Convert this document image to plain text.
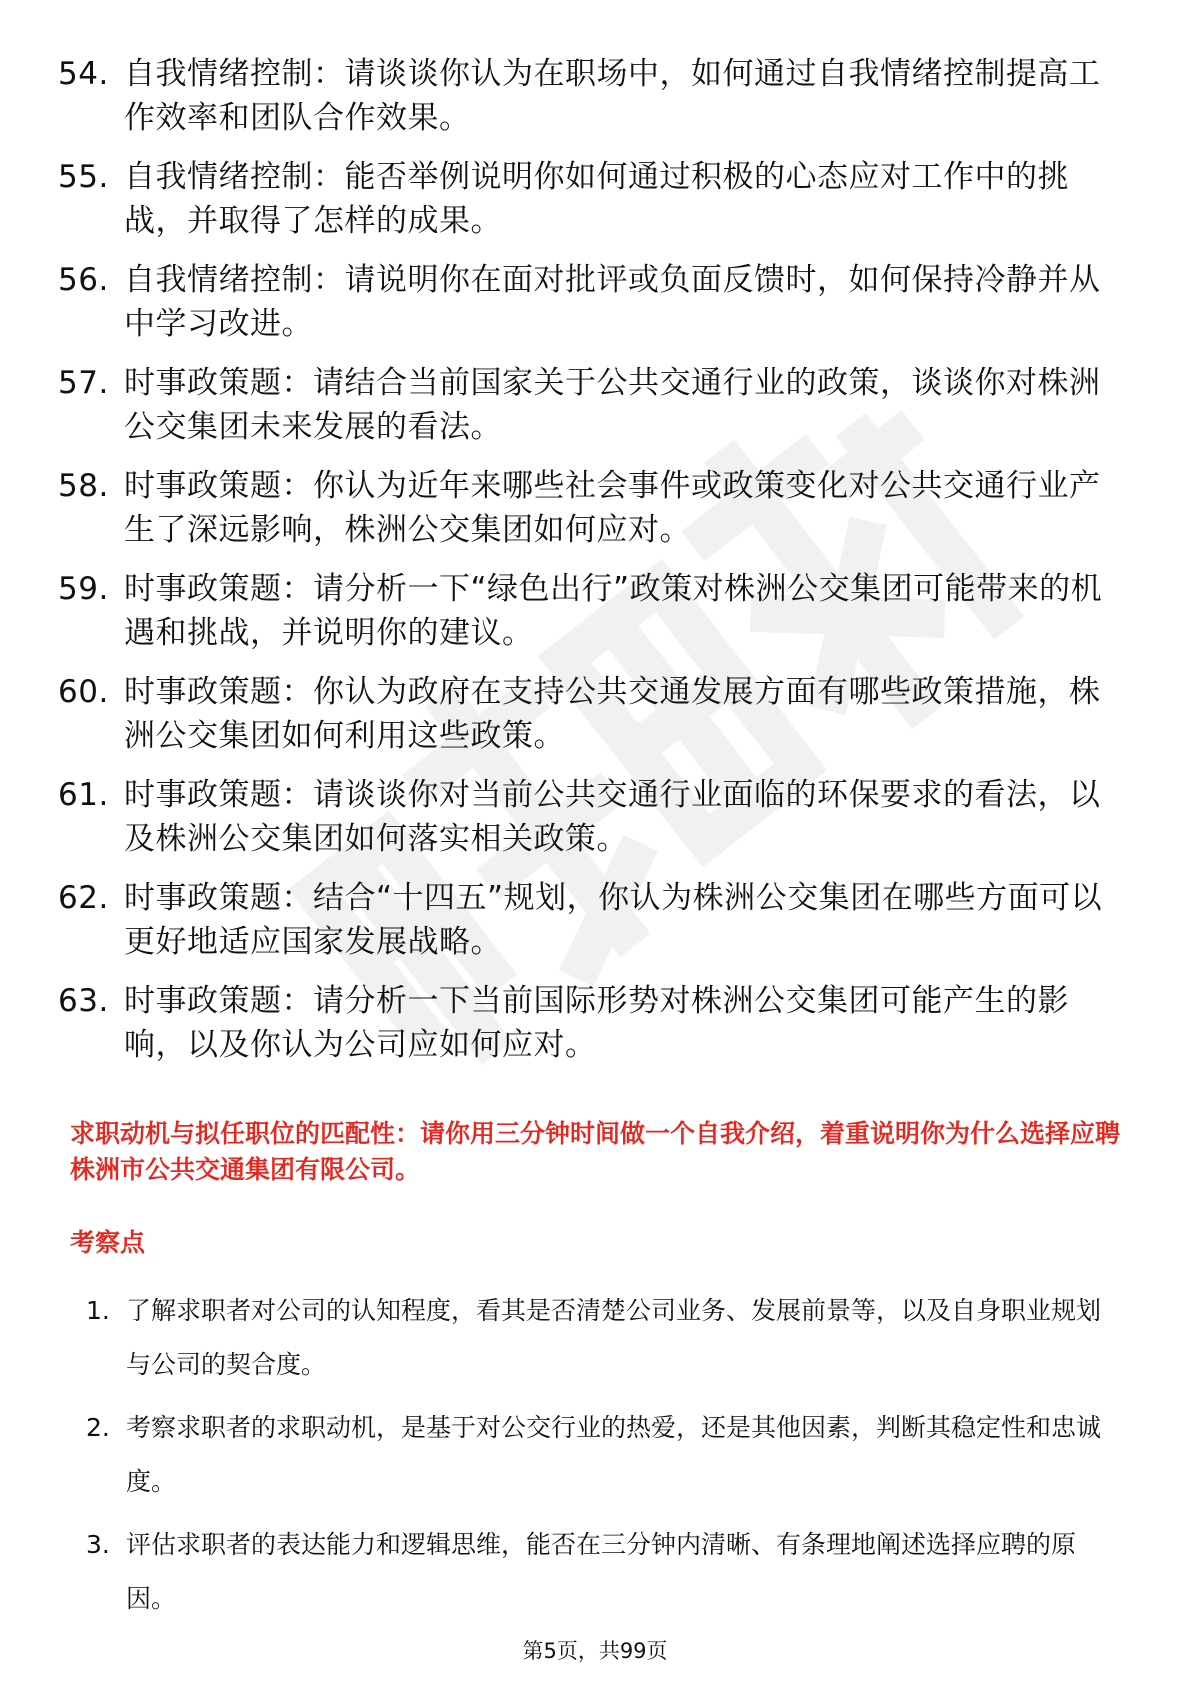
54. 自我情绪控制：请谈谈你认为在职场中，如何通过自我情绪控制提高工作效率和团队合作效果。
55. 自我情绪控制：能否举例说明你如何通过积极的心态应对工作中的挑战，并取得了怎样的成果。
56. 自我情绪控制：请说明你在面对批评或负面反馈时，如何保持冷静并从中学习改进。
57. 时事政策题：请结合当前国家关于公共交通行业的政策，谈谈你对株洲公交集团未来发展的看法。
58. 时事政策题：你认为近年来哪些社会事件或政策变化对公共交通行业产生了深远影响，株洲公交集团如何应对。
59. 时事政策题：请分析一下“绿色出行”政策对株洲公交集团可能带来的机遇和挑战，并说明你的建议。
60. 时事政策题：你认为政府在支持公共交通发展方面有哪些政策措施，株洲公交集团如何利用这些政策。
61. 时事政策题：请谈谈你对当前公共交通行业面临的环保要求的看法，以及株洲公交集团如何落实相关政策。
62. 时事政策题：结合“十四五”规划，你认为株洲公交集团在哪些方面可以更好地适应国家发展战略。
63. 时事政策题：请分析一下当前国际形势对株洲公交集团可能产生的影响，以及你认为公司应如何应对。

求职动机与拟任职位的匹配性：请你用三分钟时间做一个自我介绍，着重说明你为什么选择应聘株洲市公共交通集团有限公司。

考察点

1. 了解求职者对公司的认知程度，看其是否清楚公司业务、发展前景等，以及自身职业规划与公司的契合度。
2. 考察求职者的求职动机，是基于对公交行业的热爱，还是其他因素，判断其稳定性和忠诚度。
3. 评估求职者的表达能力和逻辑思维，能否在三分钟内清晰、有条理地阐述选择应聘的原因。
第5页，共99页
